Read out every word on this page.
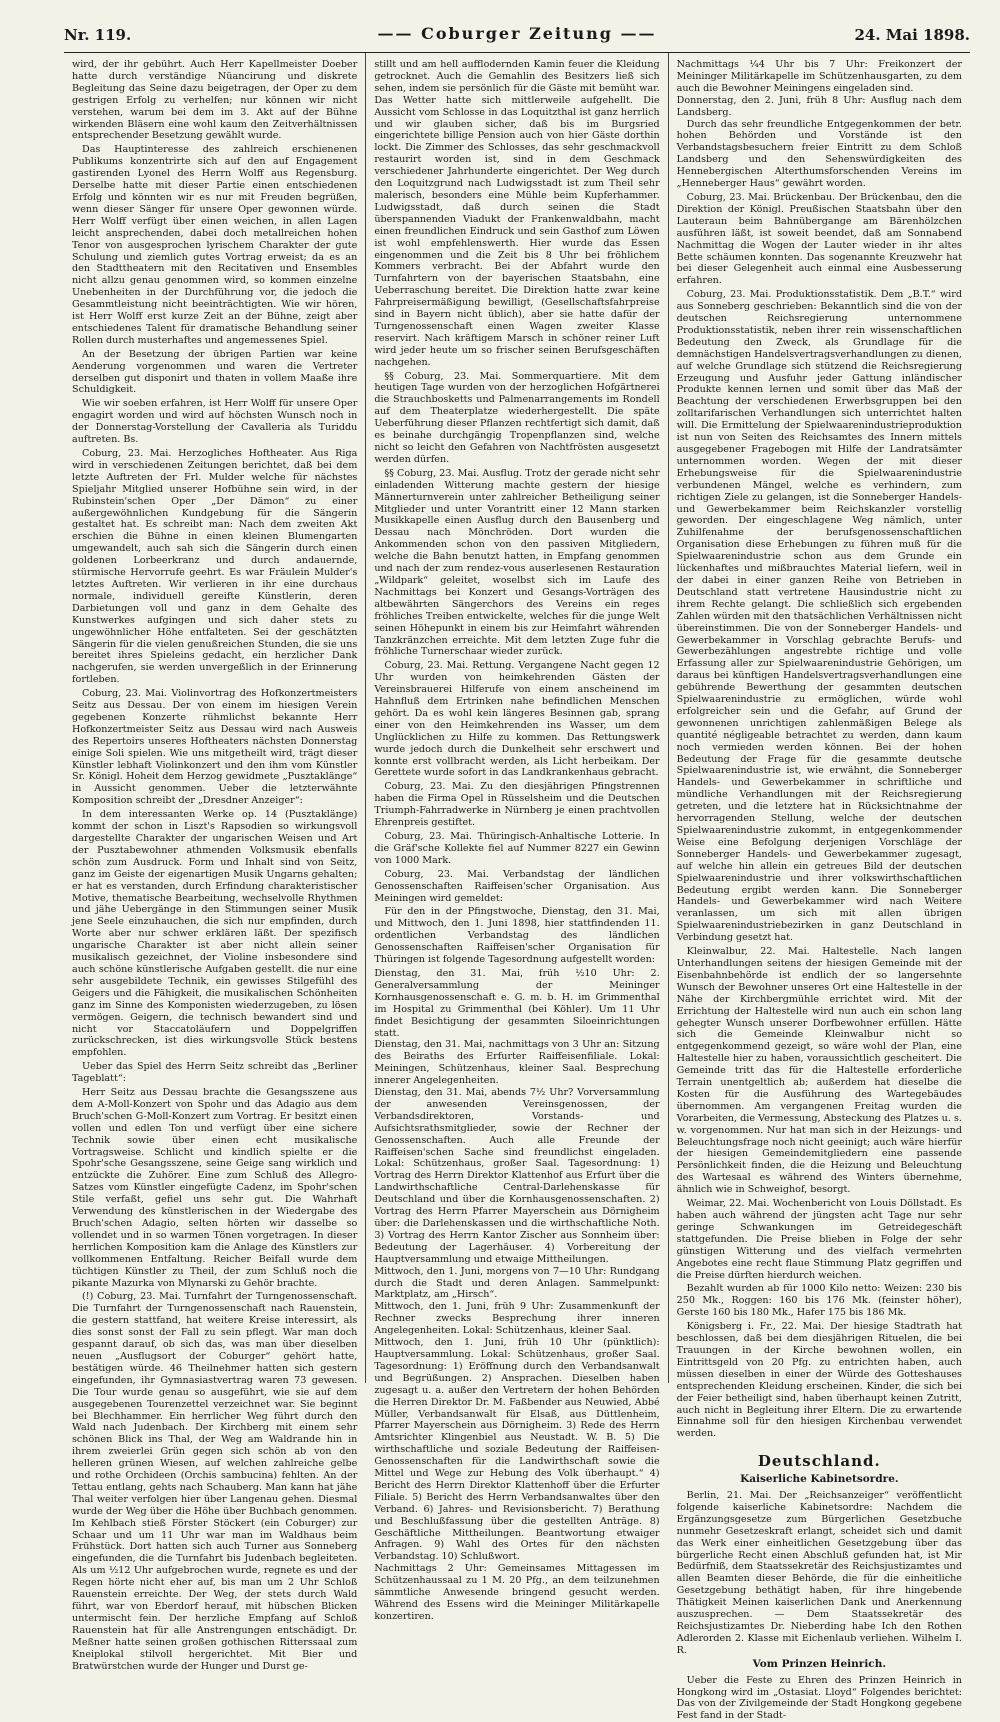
Nr. 119.	—— Coburger Zeitung ——	24. Mai 1898.

wird, der ihr gebührt. Auch Herr Kapellmeister Doeber hatte durch verständige Nüancirung und diskrete Begleitung das Seine dazu beigetragen, der Oper zu dem gestrigen Erfolg zu verhelfen; nur können wir nicht verstehen, warum bei dem im 3. Akt auf der Bühne wirkenden Bläsern eine wohl kaum den Zeitverhältnissen entsprechender Besetzung gewählt wurde.

Das Hauptinteresse des zahlreich erschienenen Publikums konzentrirte sich auf den auf Engagement gastirenden Lyonel des Herrn Wolff aus Regensburg. Derselbe hatte mit dieser Partie einen entschiedenen Erfolg und könnten wir es nur mit Freuden begrüßen, wenn dieser Sänger für unsere Oper gewonnen würde. Herr Wolff verfügt über einen weichen, in allen Lagen leicht ansprechenden, dabei doch metallreichen hohen Tenor von ausgesprochen lyrischem Charakter der gute Schulung und ziemlich gutes Vortrag erweist; da es an den Stadttheatern mit den Recitativen und Ensembles nicht allzu genau genommen wird, so kommen einzelne Unebenheiten in der Durchführung vor, die jedoch die Gesammtleistung nicht beeinträchtigten. Wie wir hören, ist Herr Wolff erst kurze Zeit an der Bühne, zeigt aber entschiedenes Talent für dramatische Behandlung seiner Rollen durch musterhaftes und angemessenes Spiel.

An der Besetzung der übrigen Partien war keine Aenderung vorgenommen und waren die Vertreter derselben gut disponirt und thaten in vollem Maaße ihre Schuldigkeit.

Wie wir soeben erfahren, ist Herr Wolff für unsere Oper engagirt worden und wird auf höchsten Wunsch noch in der Donnerstag-Vorstellung der Cavalleria als Turiddu auftreten. Bs.

Coburg, 23. Mai. Herzogliches Hoftheater. Aus Riga wird in verschiedenen Zeitungen berichtet, daß bei dem letzte Auftreten der Frl. Mulder welche für nächstes Spieljahr Mitglied unserer Hofbühne sein wird, in der Rubinstein'schen Oper „Der Dämon“ zu einer außergewöhnlichen Kundgebung für die Sängerin gestaltet hat. Es schreibt man: Nach dem zweiten Akt erschien die Bühne in einen kleinen Blumengarten umgewandelt, auch sah sich die Sängerin durch einen goldenen Lorbeerkranz und durch andauernde, stürmische Hervorrufe geehrt. Es war Fräulein Mulder's letztes Auftreten. Wir verlieren in ihr eine durchaus normale, individuell gereifte Künstlerin, deren Darbietungen voll und ganz in dem Gehalte des Kunstwerkes aufgingen und sich daher stets zu ungewöhnlicher Höhe entfalteten. Sei der geschätzten Sängerin für die vielen genußreichen Stunden, die sie uns bereitet ihres Spieleins gedacht, ein herzlicher Dank nachgerufen, sie werden unvergeßlich in der Erinnerung fortleben.

Coburg, 23. Mai. Violinvortrag des Hofkonzertmeisters Seitz aus Dessau. Der von einem im hiesigen Verein gegebenen Konzerte rühmlichst bekannte Herr Hofkonzertmeister Seitz aus Dessau wird nach Ausweis des Repertoirs unseres Hoftheaters nächsten Donnerstag einige Soli spielen. Wie uns mitgetheilt wird, trägt dieser Künstler lebhaft Violinkonzert und den ihm vom Künstler Sr. Königl. Hoheit dem Herzog gewidmete „Pusztaklänge“ in Aussicht genommen. Ueber die letzterwähnte Komposition schreibt der „Dresdner Anzeiger“:

In dem interessanten Werke op. 14 (Pusztaklänge) kommt der schon in Liszt's Rapsodien so wirkungsvoll dargestellte Charakter der ungarischen Weisen und Art der Pusztabewohner athmenden Volksmusik ebenfalls schön zum Ausdruck. Form und Inhalt sind von Seitz, ganz im Geiste der eigenartigen Musik Ungarns gehalten; er hat es verstanden, durch Erfindung charakteristischer Motive, thematische Bearbeitung, wechselvolle Rhythmen und jähe Uebergänge in den Stimmungen seiner Musik jene Seele einzuhauchen, die sich nur empfinden, durch Worte aber nur schwer erklären läßt. Der spezifisch ungarische Charakter ist aber nicht allein seiner musikalisch gezeichnet, der Violine insbesondere sind auch schöne künstlerische Aufgaben gestellt. die nur eine sehr ausgebildete Technik, ein gewisses Stilgefühl des Geigers und die Fähigkeit, die musikalischen Schönheiten ganz im Sinne des Komponisten wiederzugeben, zu lösen vermögen. Geigern, die technisch bewandert sind und nicht vor Staccatoläufern und Doppelgriffen zurückschrecken, ist dies wirkungsvolle Stück bestens empfohlen.

Ueber das Spiel des Herrn Seitz schreibt das „Berliner Tageblatt“:

Herr Seitz aus Dessau brachte die Gesangsszene aus dem A-Moll-Konzert von Spohr und das Adagio aus dem Bruch'schen G-Moll-Konzert zum Vortrag. Er besitzt einen vollen und edlen Ton und verfügt über eine sichere Technik sowie über einen echt musikalische Vortragsweise. Schlicht und kindlich spielte er die Spohr'sche Gesangsszene, seine Geige sang wirklich und entzückte die Zuhörer. Eine zum Schluß des Allegro-Satzes vom Künstler eingefügte Cadenz, im Spohr'schen Stile verfaßt, gefiel uns sehr gut. Die Wahrhaft Verwendung des künstlerischen in der Wiedergabe des Bruch'schen Adagio, selten hörten wir dasselbe so vollendet und in so warmen Tönen vorgetragen. In dieser herrlichen Komposition kam die Anlage des Künstlers zur vollkommenen Entfaltung. Reicher Beifall wurde dem tüchtigen Künstler zu Theil, der zum Schluß noch die pikante Mazurka von Mlynarski zu Gehör brachte.

(!) Coburg, 23. Mai. Turnfahrt der Turngenossenschaft. Die Turnfahrt der Turngenossenschaft nach Rauenstein, die gestern stattfand, hat weitere Kreise interessirt, als dies sonst sonst der Fall zu sein pflegt. War man doch gespannt darauf, ob sich das, was man über dieselben neuen „Ausflugsort der Coburger“ gehört hatte, bestätigen würde. 46 Theilnehmer hatten sich gestern eingefunden, ihr Gymnasiastvertrag waren 73 gewesen. Die Tour wurde genau so ausgeführt, wie sie auf dem ausgegebenen Tourenzettel verzeichnet war. Sie beginnt bei Blechhammer. Ein herrlicher Weg führt durch den Wald nach Judenbach. Der Kirchberg mit einem sehr schönen Blick ins Thal, der Weg am Waldrande hin in ihrem zweierlei Grün gegen sich schön ab von den helleren grünen Wiesen, auf welchen zahlreiche gelbe und rothe Orchideen (Orchis sambucina) fehlten. An der Tettau entlang, gehts nach Schauberg. Man kann hat jähe Thal weiter verfolgen hier über Langenau gehen. Diesmal wurde der Weg über die Höhe über Buchbach genommen. Im Kehlbach stieß Förster Stöckert (ein Coburger) zur Schaar und um 11 Uhr war man im Waldhaus beim Frühstück. Dort hatten sich auch Turner aus Sonneberg eingefunden, die die Turnfahrt bis Judenbach begleiteten. Als um ½12 Uhr aufgebrochen wurde, regnete es und der Regen hörte nicht eher auf, bis man um 2 Uhr Schloß Rauenstein erreichte. Der Weg, der stets durch Wald führt, war von Eberdorf herauf, mit hübschen Blicken untermischt fein. Der herzliche Empfang auf Schloß Rauenstein hat für alle Anstrengungen entschädigt. Dr. Meßner hatte seinen großen gothischen Ritterssaal zum Kneiplokal stilvoll hergerichtet. Mit Bier und Bratwürstchen wurde der Hunger und Durst ge-

stillt und am hell aufflodernden Kamin feuer die Kleidung getrocknet. Auch die Gemahlin des Besitzers ließ sich sehen, indem sie persönlich für die Gäste mit bemüht war. Das Wetter hatte sich mittlerweile aufgehellt. Die Aussicht vom Schlosse in das Loquitzthal ist ganz herrlich und wir glauben sicher, daß bis im Burgsried eingerichtete billige Pension auch von hier Gäste dorthin lockt. Die Zimmer des Schlosses, das sehr geschmackvoll restaurirt worden ist, sind in dem Geschmack verschiedener Jahrhunderte eingerichtet. Der Weg durch den Loquitzgrund nach Ludwigsstadt ist zum Theil sehr malerisch, besonders eine Mühle beim Kupferhammer. Ludwigsstadt, daß durch seinen die Stadt überspannenden Viadukt der Frankenwaldbahn, macht einen freundlichen Eindruck und sein Gasthof zum Löwen ist wohl empfehlenswerth. Hier wurde das Essen eingenommen und die Zeit bis 8 Uhr bei fröhlichem Kommers verbracht. Bei der Abfahrt wurde den Turnfahrtern von der bayerischen Staatsbahn, eine Ueberraschung bereitet. Die Direktion hatte zwar keine Fahrpreisermäßigung bewilligt, (Gesellschaftsfahrpreise sind in Bayern nicht üblich), aber sie hatte dafür der Turngenossenschaft einen Wagen zweiter Klasse reservirt. Nach kräftigem Marsch in schöner reiner Luft wird jeder heute um so frischer seinen Berufsgeschäften nachgehen.

§§ Coburg, 23. Mai. Sommerquartiere. Mit dem heutigen Tage wurden von der herzoglichen Hofgärtnerei die Strauchbosketts und Palmenarrangements im Rondell auf dem Theaterplatze wiederhergestellt. Die späte Ueberführung dieser Pflanzen rechtfertigt sich damit, daß es beinahe durchgängig Tropenpflanzen sind, welche nicht so leicht den Gefahren von Nachtfrösten ausgesetzt werden dürfen.

§§ Coburg, 23. Mai. Ausflug. Trotz der gerade nicht sehr einladenden Witterung machte gestern der hiesige Männerturnverein unter zahlreicher Betheiligung seiner Mitglieder und unter Vorantritt einer 12 Mann starken Musikkapelle einen Ausflug durch den Bausenberg und Dessau nach Mönchröden. Dort wurden die Ankommenden schon von den passiven Mitgliedern, welche die Bahn benutzt hatten, in Empfang genommen und nach der zum rendez-vous auserlesenen Restauration „Wildpark“ geleitet, woselbst sich im Laufe des Nachmittags bei Konzert und Gesangs-Vorträgen des altbewährten Sängerchors des Vereins ein reges fröhliches Treiben entwickelte, welches für die junge Welt seinen Höhepunkt in einem bis zur Heimfahrt währenden Tanzkränzchen erreichte. Mit dem letzten Zuge fuhr die fröhliche Turnerschaar wieder zurück.

Coburg, 23. Mai. Rettung. Vergangene Nacht gegen 12 Uhr wurden von heimkehrenden Gästen der Vereinsbrauerei Hilferufe von einem anscheinend im Hahnfluß dem Ertrinken nahe befindlichen Menschen gehört. Da es wohl kein längeres Besinnen gab, sprang einer von den Heimkehrenden ins Wasser, um dem Unglücklichen zu Hilfe zu kommen. Das Rettungswerk wurde jedoch durch die Dunkelheit sehr erschwert und konnte erst vollbracht werden, als Licht herbeikam. Der Gerettete wurde sofort in das Landkrankenhaus gebracht.

Coburg, 23. Mai. Zu den diesjährigen Pfingstrennen haben die Firma Opel in Rüsselsheim und die Deutschen Triumph-Fahrradwerke in Nürnberg je einen prachtvollen Ehrenpreis gestiftet.

Coburg, 23. Mai. Thüringisch-Anhaltische Lotterie. In die Gräf'sche Kollekte fiel auf Nummer 8227 ein Gewinn von 1000 Mark.

Coburg, 23. Mai. Verbandstag der ländlichen Genossenschaften Raiffeisen'scher Organisation. Aus Meiningen wird gemeldet:

Für den in der Pfingstwoche, Dienstag, den 31. Mai, und Mittwoch, den 1. Juni 1898, hier stattfindenden 11. ordentlichen Verbandstag des ländlichen Genossenschaften Raiffeisen'scher Organisation für Thüringen ist folgende Tagesordnung aufgestellt worden:

Dienstag, den 31. Mai, früh ½10 Uhr: 2. Generalversammlung der Meininger Kornhausgenossenschaft e. G. m. b. H. im Grimmenthal im Hospital zu Grimmenthal (bei Köhler). Um 11 Uhr findet Besichtigung der gesammten Siloeinrichtungen statt.

Dienstag, den 31. Mai, nachmittags von 3 Uhr an: Sitzung des Beiraths des Erfurter Raiffeisenfiliale. Lokal: Meiningen, Schützenhaus, kleiner Saal. Besprechung innerer Angelegenheiten.

Dienstag, den 31. Mai, abends 7½ Uhr? Vorversammlung der anwesenden Vereinsgenossen, der Verbandsdirektoren, Vorstands- und Aufsichtsrathsmitglieder, sowie der Rechner der Genossenschaften. Auch alle Freunde der Raiffeisen'schen Sache sind freundlichst eingeladen. Lokal: Schützenhaus, großer Saal. Tagesordnung: 1) Vortrag des Herrn Direktor Klattenhof aus Erfurt über die Landwirthschaftliche Central-Darlehenskasse für Deutschland und über die Kornhausgenossenschaften. 2) Vortrag des Herrn Pfarrer Mayerschein aus Dörnigheim über: die Darlehenskassen und die wirthschaftliche Noth. 3) Vortrag des Herrn Kantor Zischer aus Sonnheim über: Bedeutung der Lagerhäuser. 4) Vorbereitung der Hauptversammlung und etwaige Mittheilungen.

Mittwoch, den 1. Juni, morgens von 7—10 Uhr: Rundgang durch die Stadt und deren Anlagen. Sammelpunkt: Marktplatz, am „Hirsch“.

Mittwoch, den 1. Juni, früh 9 Uhr: Zusammenkunft der Rechner zwecks Besprechung ihrer inneren Angelegenheiten. Lokal: Schützenhaus, kleiner Saal.

Mittwoch, den 1. Juni, früh 10 Uhr (pünktlich): Hauptversammlung. Lokal: Schützenhaus, großer Saal. Tagesordnung: 1) Eröffnung durch den Verbandsanwalt und Begrüßungen. 2) Ansprachen. Dieselben haben zugesagt u. a. außer den Vertretern der hohen Behörden die Herren Direktor Dr. M. Faßbender aus Neuwied, Abbé Müller, Verbandsanwalt für Elsaß, aus Düttlenheim, Pfarrer Mayerschein aus Dörnigheim. 3) Rede des Herrn Amtsrichter Klingenbiel aus Neustadt. W. B. 5) Die wirthschaftliche und soziale Bedeutung der Raiffeisen-Genossenschaften für die Landwirthschaft sowie die Mittel und Wege zur Hebung des Volk überhaupt.“ 4) Bericht des Herrn Direktor Klattenhoff über die Erfurter Filiale. 5) Bericht des Herrn Verbandsanwaltes über den Verband. 6) Jahres- und Revisionsbericht. 7) Berathung und Beschlußfassung über die gestellten Anträge. 8) Geschäftliche Mittheilungen. Beantwortung etwaiger Anfragen. 9) Wahl des Ortes für den nächsten Verbandstag. 10) Schlußwort.

Nachmittags 2 Uhr: Gemeinsames Mittagessen im Schützenhaussaal zu 1 M. 20 Pfg., an dem teilzunehmen sämmtliche Anwesende bringend gesucht werden. Während des Essens wird die Meininger Militärkapelle konzertiren.

Nachmittags ¼4 Uhr bis 7 Uhr: Freikonzert der Meininger Militärkapelle im Schützenhausgarten, zu dem auch die Bewohner Meiningens eingeladen sind.

Donnerstag, den 2. Juni, früh 8 Uhr: Ausflug nach dem Landsberg.

Durch das sehr freundliche Entgegenkommen der betr. hohen Behörden und Vorstände ist den Verbandstagsbesuchern freier Eintritt zu dem Schloß Landsberg und den Sehenswürdigkeiten des Hennebergischen Alterthumsforschenden Vereins im „Henneberger Haus“ gewährt worden.

Coburg, 23. Mai. Brückenbau. Der Brückenbau, den die Direktion der Königl. Preußischen Staatsbahn über den Lauteraun beim Bahnübergange am Bärenhölzchen ausführen läßt, ist soweit beendet, daß am Sonnabend Nachmittag die Wogen der Lauter wieder in ihr altes Bette schäumen konnten. Das sogenannte Kreuzwehr hat bei dieser Gelegenheit auch einmal eine Ausbesserung erfahren.

Coburg, 23. Mai. Produktionsstatistik. Dem „B.T.“ wird aus Sonneberg geschrieben: Bekanntlich sind die von der deutschen Reichsregierung unternommene Produktionsstatistik, neben ihrer rein wissenschaftlichen Bedeutung den Zweck, als Grundlage für die demnächstigen Handelsvertragsverhandlungen zu dienen, auf welche Grundlage sich stützend die Reichsregierung Erzeugung und Ausfuhr jeder Gattung inländischer Produkte kennen lernen und somit über das Maß der Beachtung der verschiedenen Erwerbsgruppen bei den zolltarifarischen Verhandlungen sich unterrichtet halten will. Die Ermittelung der Spielwaarenindustrieproduktion ist nun von Seiten des Reichsamtes des Innern mittels ausgegebener Fragebogen mit Hilfe der Landratsämter unternommen worden. Wegen der mit dieser Erhebungsweise für die Spielwaarenindustrie verbundenen Mängel, welche es verhindern, zum richtigen Ziele zu gelangen, ist die Sonneberger Handels- und Gewerbekammer beim Reichskanzler vorstellig geworden. Der eingeschlagene Weg nämlich, unter Zuhilfenahme der berufsgenossenschaftlichen Organisation diese Erhebungen zu führen muß für die Spielwaarenindustrie schon aus dem Grunde ein lückenhaftes und mißbrauchtes Material liefern, weil in der dabei in einer ganzen Reihe von Betrieben in Deutschland statt vertretene Hausindustrie nicht zu ihrem Rechte gelangt. Die schließlich sich ergebenden Zahlen würden mit den thatsächlichen Verhältnissen nicht übereinstimmen. Die von der Sonneberger Handels- und Gewerbekammer in Vorschlag gebrachte Berufs- und Gewerbezählungen angestrebte richtige und volle Erfassung aller zur Spielwaarenindustrie Gehörigen, um daraus bei künftigen Handelsvertragsverhandlungen eine gebührende Bewerthung der gesammten deutschen Spielwaarenindustrie zu ermöglichen, würde wohl erfolgreicher sein und die Gefahr, auf Grund der gewonnenen unrichtigen zahlenmäßigen Belege als quantité négligeable betrachtet zu werden, dann kaum noch vermieden werden können. Bei der hohen Bedeutung der Frage für die gesammte deutsche Spielwaarenindustrie ist, wie erwähnt, die Sonneberger Handels- und Gewerbekammer in schriftliche und mündliche Verhandlungen mit der Reichsregierung getreten, und die letztere hat in Rücksichtnahme der hervorragenden Stellung, welche der deutschen Spielwaarenindustrie zukommt, in entgegenkommender Weise eine Befolgung derjenigen Vorschläge der Sonneberger Handels- und Gewerbekammer zugesagt, auf welche hin allein ein getreues Bild der deutschen Spielwaarenindustrie und ihrer volkswirthschaftlichen Bedeutung ergibt werden kann. Die Sonneberger Handels- und Gewerbekammer wird nach Weitere veranlassen, um sich mit allen übrigen Spielwaarenindustriebezirken in ganz Deutschland in Verbindung gesetzt hat.

Kleinwalbur, 22. Mai. Haltestelle. Nach langen Unterhandlungen seitens der hiesigen Gemeinde mit der Eisenbahnbehörde ist endlich der so langersehnte Wunsch der Bewohner unseres Ort eine Haltestelle in der Nähe der Kirchbergmühle errichtet wird. Mit der Errichtung der Haltestelle wird nun auch ein schon lang gehegter Wunsch unserer Dorfbewohner erfüllen. Hätte sich die Gemeinde Kleinwalbur nicht so entgegenkommend gezeigt, so wäre wohl der Plan, eine Haltestelle hier zu haben, voraussichtlich gescheitert. Die Gemeinde tritt das für die Haltestelle erforderliche Terrain unentgeltlich ab; außerdem hat dieselbe die Kosten für die Ausführung des Wartegebäudes übernommen. Am vergangenen Freitag wurden die Vorarbeiten, die Vermessung, Absteckung des Platzes u. s. w. vorgenommen. Nur hat man sich in der Heizungs- und Beleuchtungsfrage noch nicht geeinigt; auch wäre hierfür der hiesigen Gemeindemitgliedern eine passende Persönlichkeit finden, die die Heizung und Beleuchtung des Wartesaal es während des Winters übernehme, ähnlich wie in Schweighof, besorgt.

Weimar, 22. Mai. Wochenbericht von Louis Döllstadt. Es haben auch während der jüngsten acht Tage nur sehr geringe Schwankungen im Getreidegeschäft stattgefunden. Die Preise blieben in Folge der sehr günstigen Witterung und des vielfach vermehrten Angebotes eine recht flaue Stimmung Platz gegriffen und die Preise dürften hierdurch weichen.

Bezahlt wurden ab für 1000 Kilo netto: Weizen: 230 bis 250 Mk., Roggen: 160 bis 176 Mk. (feinster höher), Gerste 160 bis 180 Mk., Hafer 175 bis 186 Mk.

Königsberg i. Fr., 22. Mai. Der hiesige Stadtrath hat beschlossen, daß bei dem diesjährigen Rituelen, die bei Trauungen in der Kirche bewohnen wollen, ein Eintrittsgeld von 20 Pfg. zu entrichten haben, auch müssen dieselben in einer der Würde des Gotteshauses entsprechenden Kleidung erscheinen. Kinder, die sich bei der Feier betheiligt sind, haben überhaupt keinen Zutritt, auch nicht in Begleitung ihrer Eltern. Die zu erwartende Einnahme soll für den hiesigen Kirchenbau verwendet werden.

Deutschland.
Kaiserliche Kabinetsordre.

Berlin, 21. Mai. Der „Reichsanzeiger“ veröffentlicht folgende kaiserliche Kabinetsordre: Nachdem die Ergänzungsgesetze zum Bürgerlichen Gesetzbuche nunmehr Gesetzeskraft erlangt, scheidet sich und damit das Werk einer einheitlichen Gesetzgebung über das bürgerliche Recht einen Abschluß gefunden hat, ist Mir Bedürfniß, dem Staatssekretär des Reichsjustizamtes und allen Beamten dieser Behörde, die für die einheitliche Gesetzgebung bethätigt haben, für ihre hingebende Thätigkeit Meinen kaiserlichen Dank und Anerkennung auszusprechen. — Dem Staatssekretär des Reichsjustizamtes Dr. Nieberding habe Ich den Rothen Adlerorden 2. Klasse mit Eichenlaub verliehen. Wilhelm I. R.

Vom Prinzen Heinrich.

Ueber die Feste zu Ehren des Prinzen Heinrich in Hongkong wird im „Ostasiat. Lloyd“ Folgendes berichtet: Das von der Zivilgemeinde der Stadt Hongkong gegebene Fest fand in der Stadt-
